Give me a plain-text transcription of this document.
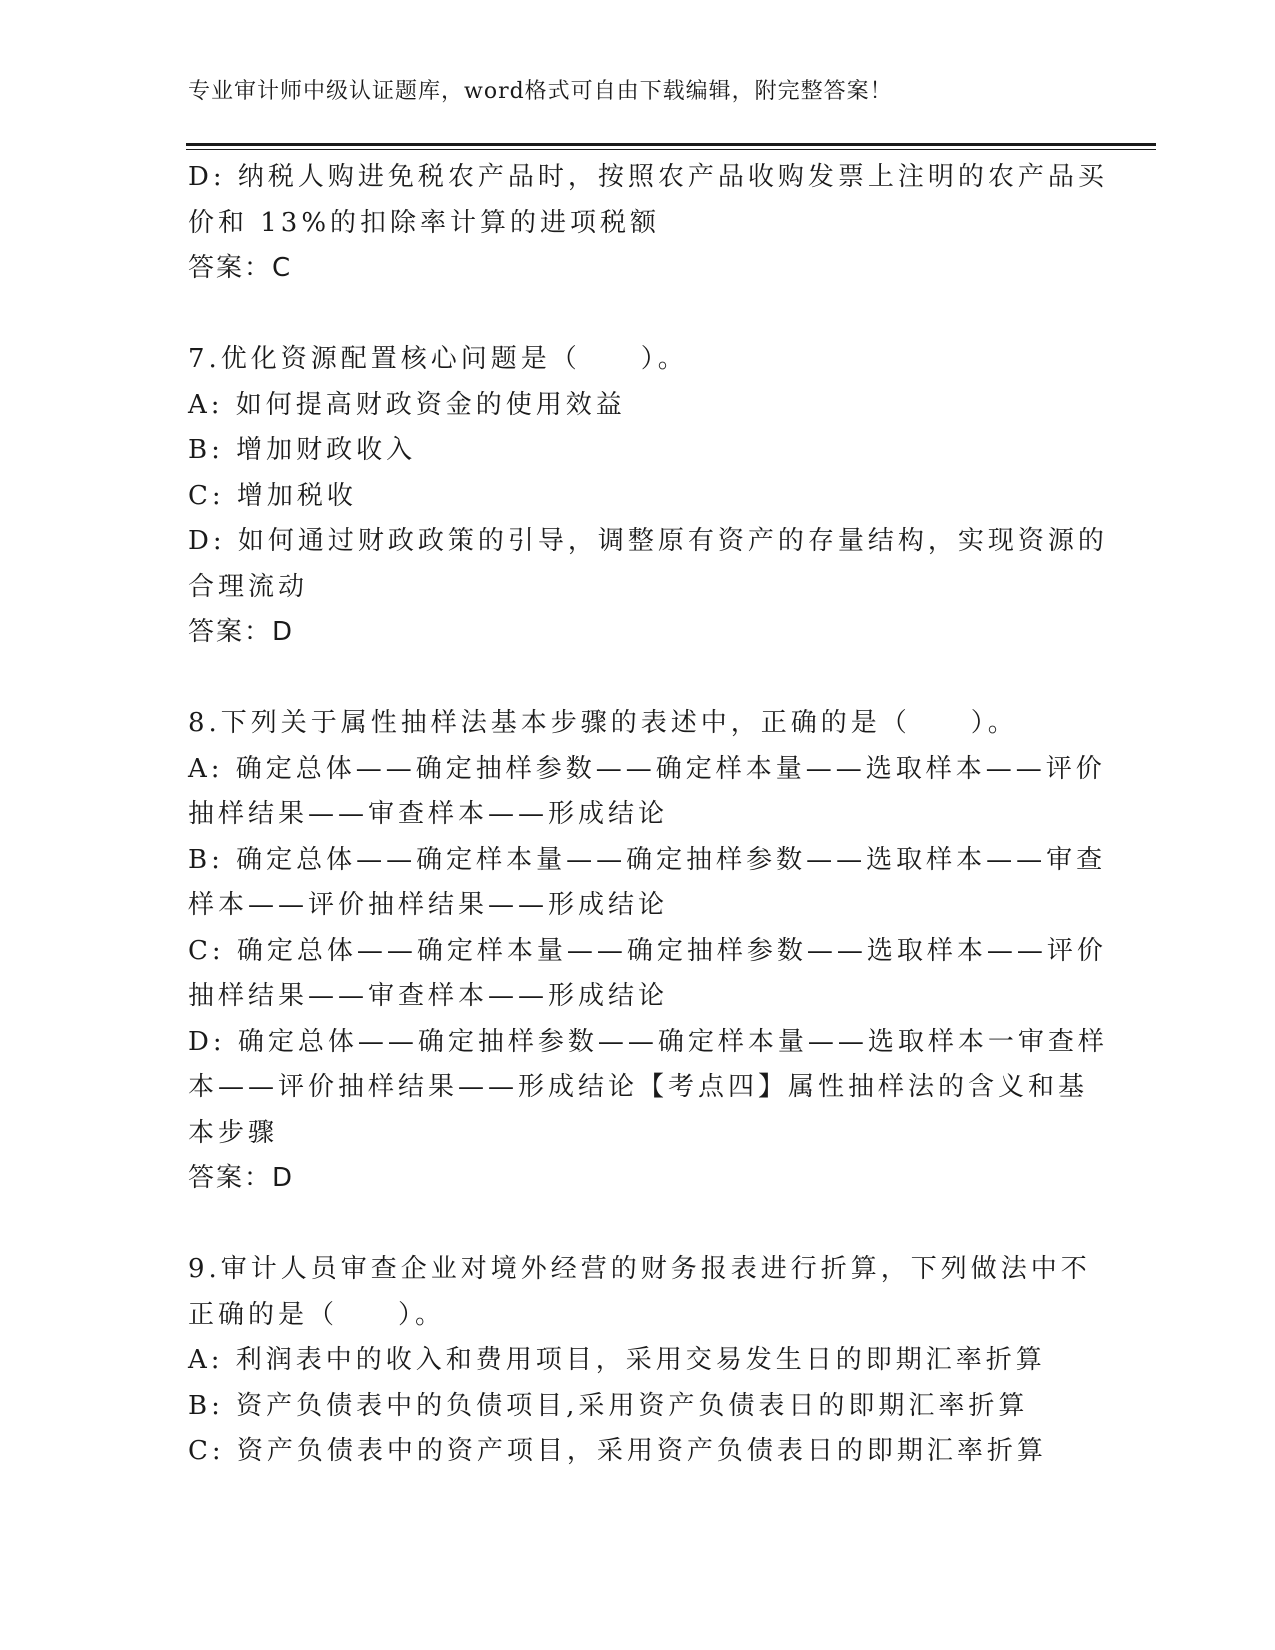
专业审计师中级认证题库，word格式可自由下载编辑，附完整答案！
D: 纳税人购进免税农产品时，按照农产品收购发票上注明的农产品买
价和 13%的扣除率计算的进项税额
答案：C
7.优化资源配置核心问题是（　　）。
A: 如何提高财政资金的使用效益
B: 增加财政收入
C: 增加税收
D: 如何通过财政政策的引导，调整原有资产的存量结构，实现资源的
合理流动
答案：D
8.下列关于属性抽样法基本步骤的表述中，正确的是（　　）。
A: 确定总体——确定抽样参数——确定样本量——选取样本——评价
抽样结果——审查样本——形成结论
B: 确定总体——确定样本量——确定抽样参数——选取样本——审查
样本——评价抽样结果——形成结论
C: 确定总体——确定样本量——确定抽样参数——选取样本——评价
抽样结果——审查样本——形成结论
D: 确定总体——确定抽样参数——确定样本量——选取样本一审查样
本——评价抽样结果——形成结论【考点四】属性抽样法的含义和基
本步骤
答案：D
9.审计人员审查企业对境外经营的财务报表进行折算，下列做法中不
正确的是（　　）。
A: 利润表中的收入和费用项目，采用交易发生日的即期汇率折算
B: 资产负债表中的负债项目,采用资产负债表日的即期汇率折算
C: 资产负债表中的资产项目，采用资产负债表日的即期汇率折算
